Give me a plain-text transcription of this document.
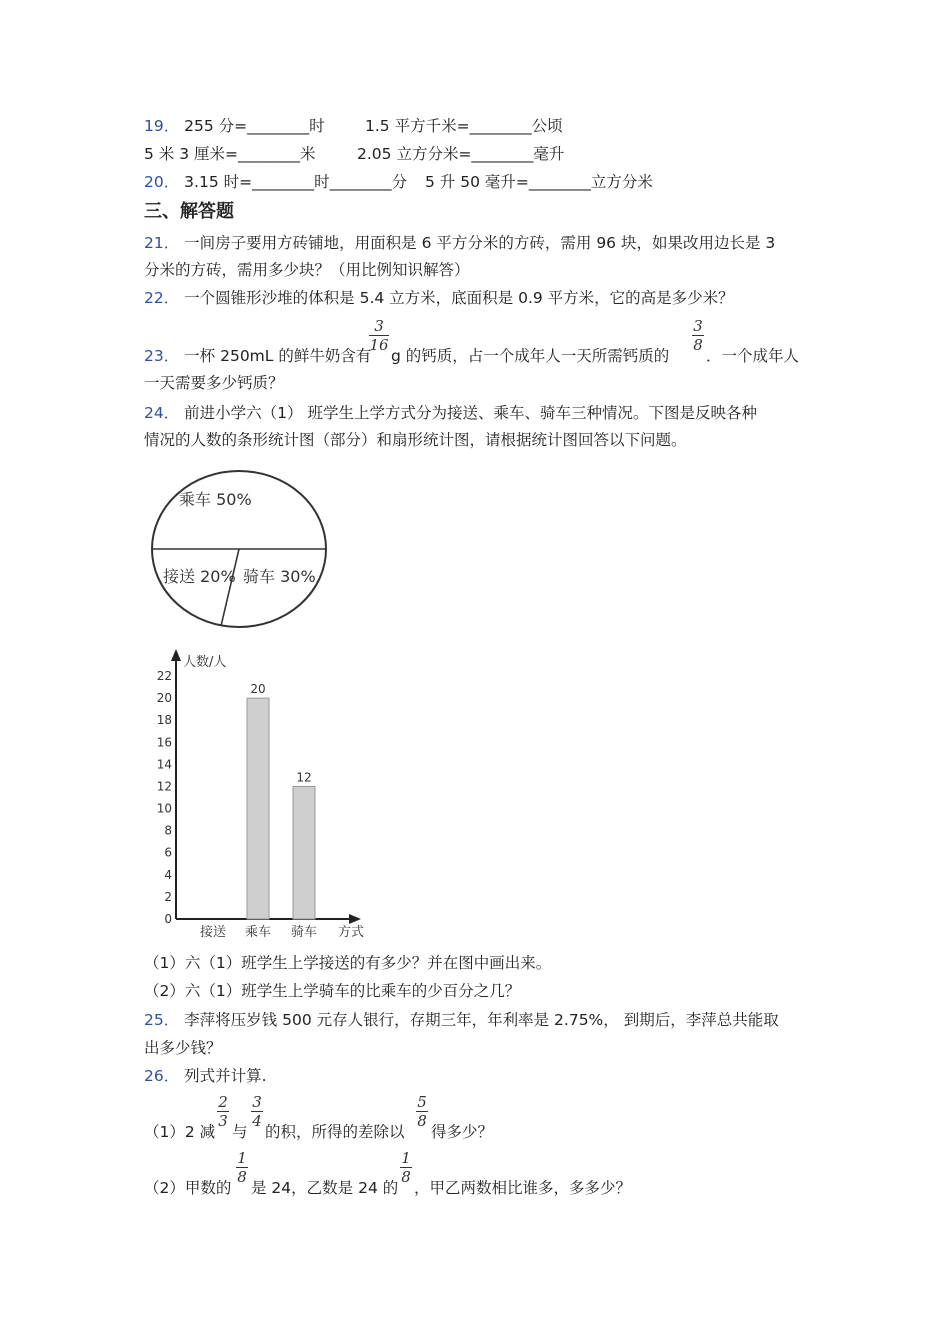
19． 255 分=________时	1.5 平方千米=________公顷
5 米 3 厘米=________米	2.05 立方分米=________毫升
20． 3.15 时=________时________分 5 升 50 毫升=________立方分米
三、解答题
21． 一间房子要用方砖铺地，用面积是 6 平方分米的方砖，需用 96 块，如果改用边长是 3
分米的方砖，需用多少块？（用比例知识解答）
22． 一个圆锥形沙堆的体积是 5.4 立方米，底面积是 0.9 平方米，它的高是多少米？
23． 一杯 250mL 的鲜牛奶含有
3
16
g 的钙质，占一个成年人一天所需钙质的
3
8
．一个成年人
一天需要多少钙质？
24． 前进小学六（1） 班学生上学方式分为接送、乘车、骑车三种情况。下图是反映各种
情况的人数的条形统计图（部分）和扇形统计图，请根据统计图回答以下问题。
乘车 50%
接送 20% 骑车 30%
人数/人
方式
0
2
4
6
8
10
12
14
16
18
20
22
20
12
接送 乘车 骑车
（1）六（1）班学生上学接送的有多少？并在图中画出来。
（2）六（1）班学生上学骑车的比乘车的少百分之几？
25． 李萍将压岁钱 500 元存人银行，存期三年，年利率是 2.75%， 到期后，李萍总共能取
出多少钱？
26． 列式并计算.
（1）2 减
2
3
与
3
4
的积，所得的差除以
5
8
得多少？
（2）甲数的
1
8
是 24，乙数是 24 的
1
8
，甲乙两数相比谁多，多多少？
